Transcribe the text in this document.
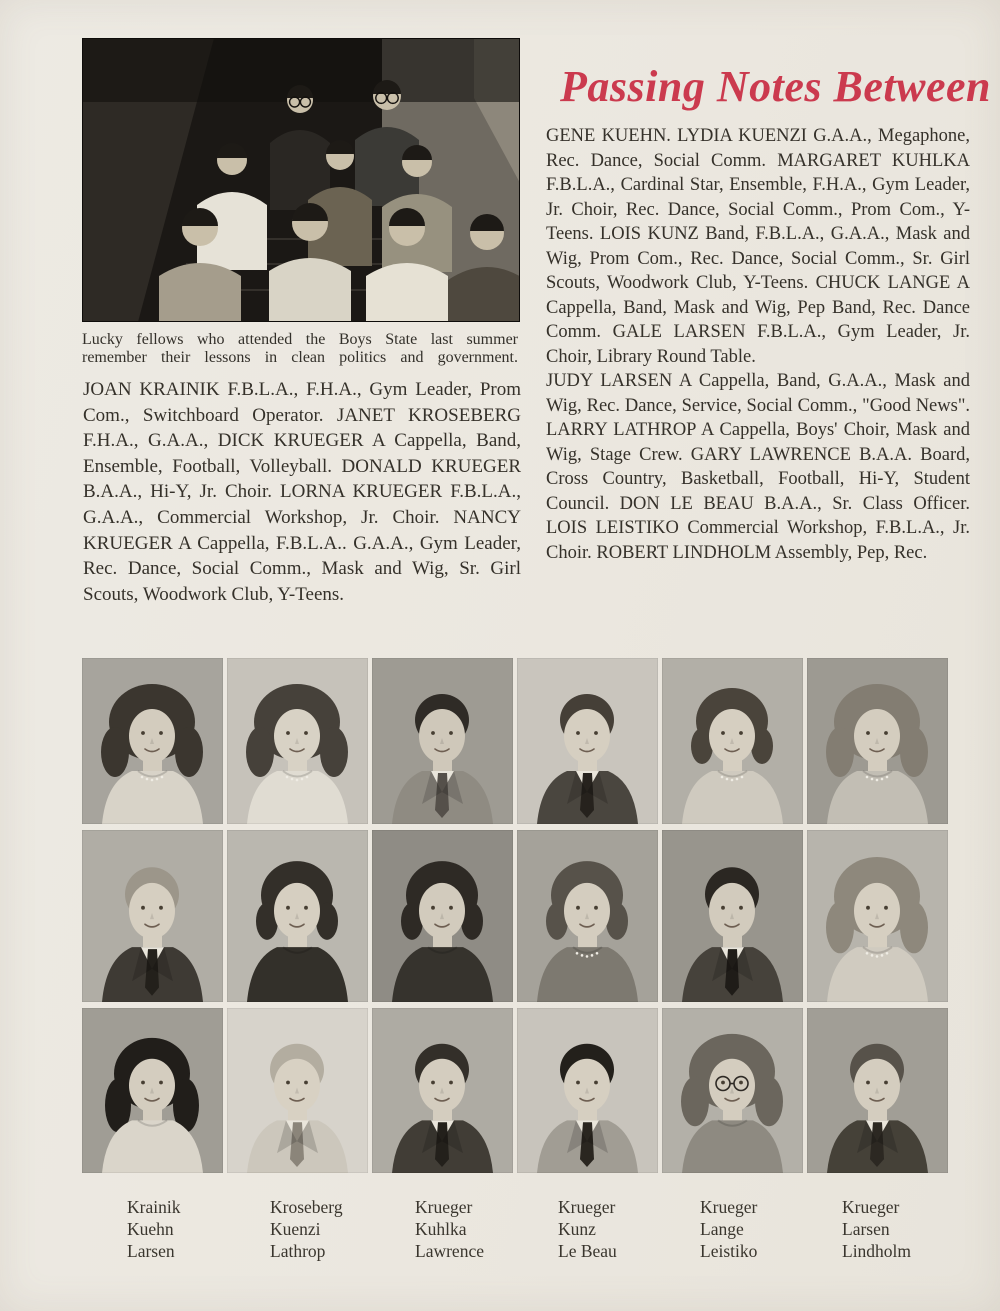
Lucky fellows who attended the Boys State last summer remember their lessons in clean politics and government.
Passing Notes Between

JOAN KRAINIK F.B.L.A., F.H.A., Gym Leader, Prom Com., Switchboard Operator. JANET KROSEBERG F.H.A., G.A.A., DICK KRUEGER A Cappella, Band, Ensemble, Football, Volleyball. DONALD KRUEGER B.A.A., Hi-Y, Jr. Choir. LORNA KRUEGER F.B.L.A., G.A.A., Commercial Workshop, Jr. Choir. NANCY KRUEGER A Cappella, F.B.L.A.. G.A.A., Gym Leader, Rec. Dance, Social Comm., Mask and Wig, Sr. Girl Scouts, Woodwork Club, Y-Teens.

GENE KUEHN. LYDIA KUENZI G.A.A., Megaphone, Rec. Dance, Social Comm. MARGARET KUHLKA F.B.L.A., Cardinal Star, Ensemble, F.H.A., Gym Leader, Jr. Choir, Rec. Dance, Social Comm., Prom Com., Y-Teens. LOIS KUNZ Band, F.B.L.A., G.A.A., Mask and Wig, Prom Com., Rec. Dance, Social Comm., Sr. Girl Scouts, Woodwork Club, Y-Teens. CHUCK LANGE A Cappella, Band, Mask and Wig, Pep Band, Rec. Dance Comm. GALE LARSEN F.B.L.A., Gym Leader, Jr. Choir, Library Round Table.

JUDY LARSEN A Cappella, Band, G.A.A., Mask and Wig, Rec. Dance, Service, Social Comm., "Good News". LARRY LATHROP A Cappella, Boys' Choir, Mask and Wig, Stage Crew. GARY LAWRENCE B.A.A. Board, Cross Country, Basketball, Football, Hi-Y, Student Council. DON LE BEAU B.A.A., Sr. Class Officer. LOIS LEISTIKO Commercial Workshop, F.B.L.A., Jr. Choir. ROBERT LINDHOLM Assembly, Pep, Rec.

Krainik
Kuehn
Larsen
Kroseberg
Kuenzi
Lathrop
Krueger
Kuhlka
Lawrence
Krueger
Kunz
Le Beau
Krueger
Lange
Leistiko
Krueger
Larsen
Lindholm
